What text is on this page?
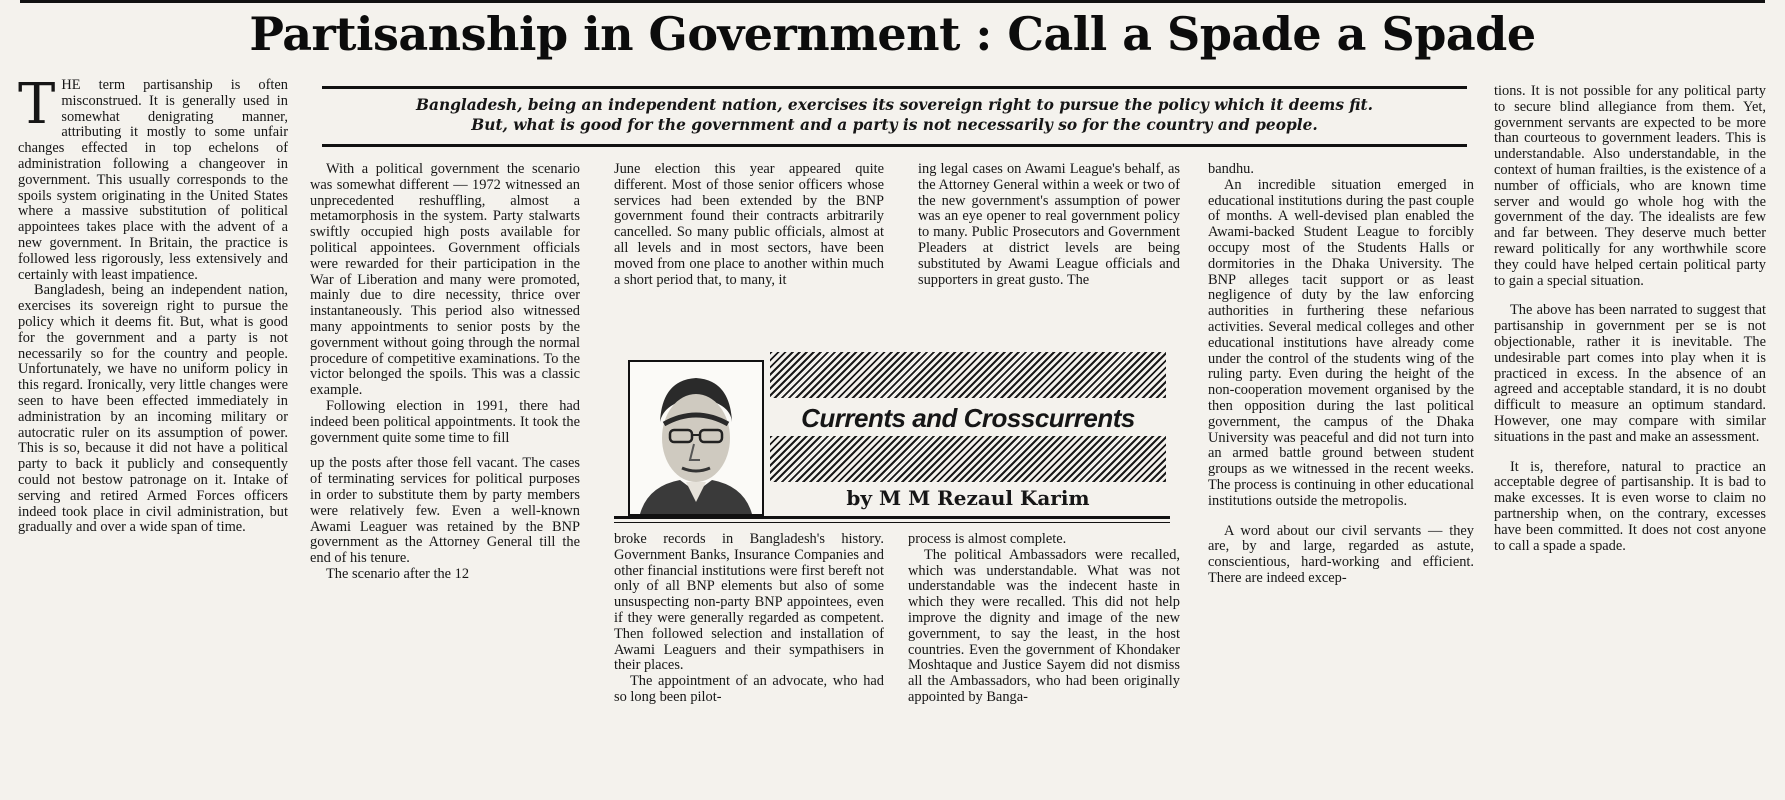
Partisanship in Government : Call a Spade a Spade

THE term partisanship is often misconstrued. It is generally used in somewhat denigrating manner, attributing it mostly to some unfair changes effected in top echelons of administration following a changeover in government. This usually corresponds to the spoils system originating in the United States where a massive substitution of political appointees takes place with the advent of a new government. In Britain, the practice is followed less rigorously, less extensively and certainly with least impatience.

Bangladesh, being an independent nation, exercises its sovereign right to pursue the policy which it deems fit. But, what is good for the government and a party is not necessarily so for the country and people. Unfortunately, we have no uniform policy in this regard. Ironically, very little changes were seen to have been effected immediately in administration by an incoming military or autocratic ruler on its assumption of power. This is so, because it did not have a political party to back it publicly and consequently could not bestow patronage on it. Intake of serving and retired Armed Forces officers indeed took place in civil administration, but gradually and over a wide span of time.

Bangladesh, being an independent nation, exercises its sovereign right to pursue the policy which it deems fit.
But, what is good for the government and a party is not necessarily so for the country and people.

With a political government the scenario was somewhat different — 1972 witnessed an unprecedented reshuffling, almost a metamorphosis in the system. Party stalwarts swiftly occupied high posts available for political appointees. Government officials were rewarded for their participation in the War of Liberation and many were promoted, mainly due to dire necessity, thrice over instantaneously. This period also witnessed many appointments to senior posts by the government without going through the normal procedure of competitive examinations. To the victor belonged the spoils. This was a classic example.

Following election in 1991, there had indeed been political appointments. It took the government quite some time to fill

up the posts after those fell vacant. The cases of terminating services for political purposes in order to substitute them by party members were relatively few. Even a well-known Awami Leaguer was retained by the BNP government as the Attorney General till the end of his tenure.

The scenario after the 12

June election this year appeared quite different. Most of those senior officers whose services had been extended by the BNP government found their contracts arbitrarily cancelled. So many public officials, almost at all levels and in most sectors, have been moved from one place to another within much a short period that, to many, it

ing legal cases on Awami League's behalf, as the Attorney General within a week or two of the new government's assumption of power was an eye opener to real government policy to many. Public Prosecutors and Government Pleaders at district levels are being substituted by Awami League officials and supporters in great gusto. The

Currents and Crosscurrents
by M M Rezaul Karim

broke records in Bangladesh's history. Government Banks, Insurance Companies and other financial institutions were first bereft not only of all BNP elements but also of some unsuspecting non-party BNP appointees, even if they were generally regarded as competent. Then followed selection and installation of Awami Leaguers and their sympathisers in their places.

The appointment of an advocate, who had so long been pilot-

process is almost complete.

The political Ambassadors were recalled, which was understandable. What was not understandable was the indecent haste in which they were recalled. This did not help improve the dignity and image of the new government, to say the least, in the host countries. Even the government of Khondaker Moshtaque and Justice Sayem did not dismiss all the Ambassadors, who had been originally appointed by Banga-

bandhu.

An incredible situation emerged in educational institutions during the past couple of months. A well-devised plan enabled the Awami-backed Student League to forcibly occupy most of the Students Halls or dormitories in the Dhaka University. The BNP alleges tacit support or as least negligence of duty by the law enforcing authorities in furthering these nefarious activities. Several medical colleges and other educational institutions have already come under the control of the students wing of the ruling party. Even during the height of the non-cooperation movement organised by the then opposition during the last political government, the campus of the Dhaka University was peaceful and did not turn into an armed battle ground between student groups as we witnessed in the recent weeks. The process is continuing in other educational institutions outside the metropolis.

A word about our civil servants — they are, by and large, regarded as astute, conscientious, hard-working and efficient. There are indeed excep-

tions. It is not possible for any political party to secure blind allegiance from them. Yet, government servants are expected to be more than courteous to government leaders. This is understandable. Also understandable, in the context of human frailties, is the existence of a number of officials, who are known time server and would go whole hog with the government of the day. The idealists are few and far between. They deserve much better reward politically for any worthwhile score they could have helped certain political party to gain a special situation.

The above has been narrated to suggest that partisanship in government per se is not objectionable, rather it is inevitable. The undesirable part comes into play when it is practiced in excess. In the absence of an agreed and acceptable standard, it is no doubt difficult to measure an optimum standard. However, one may compare with similar situations in the past and make an assessment.

It is, therefore, natural to practice an acceptable degree of partisanship. It is bad to make excesses. It is even worse to claim no partnership when, on the contrary, excesses have been committed. It does not cost anyone to call a spade a spade.
